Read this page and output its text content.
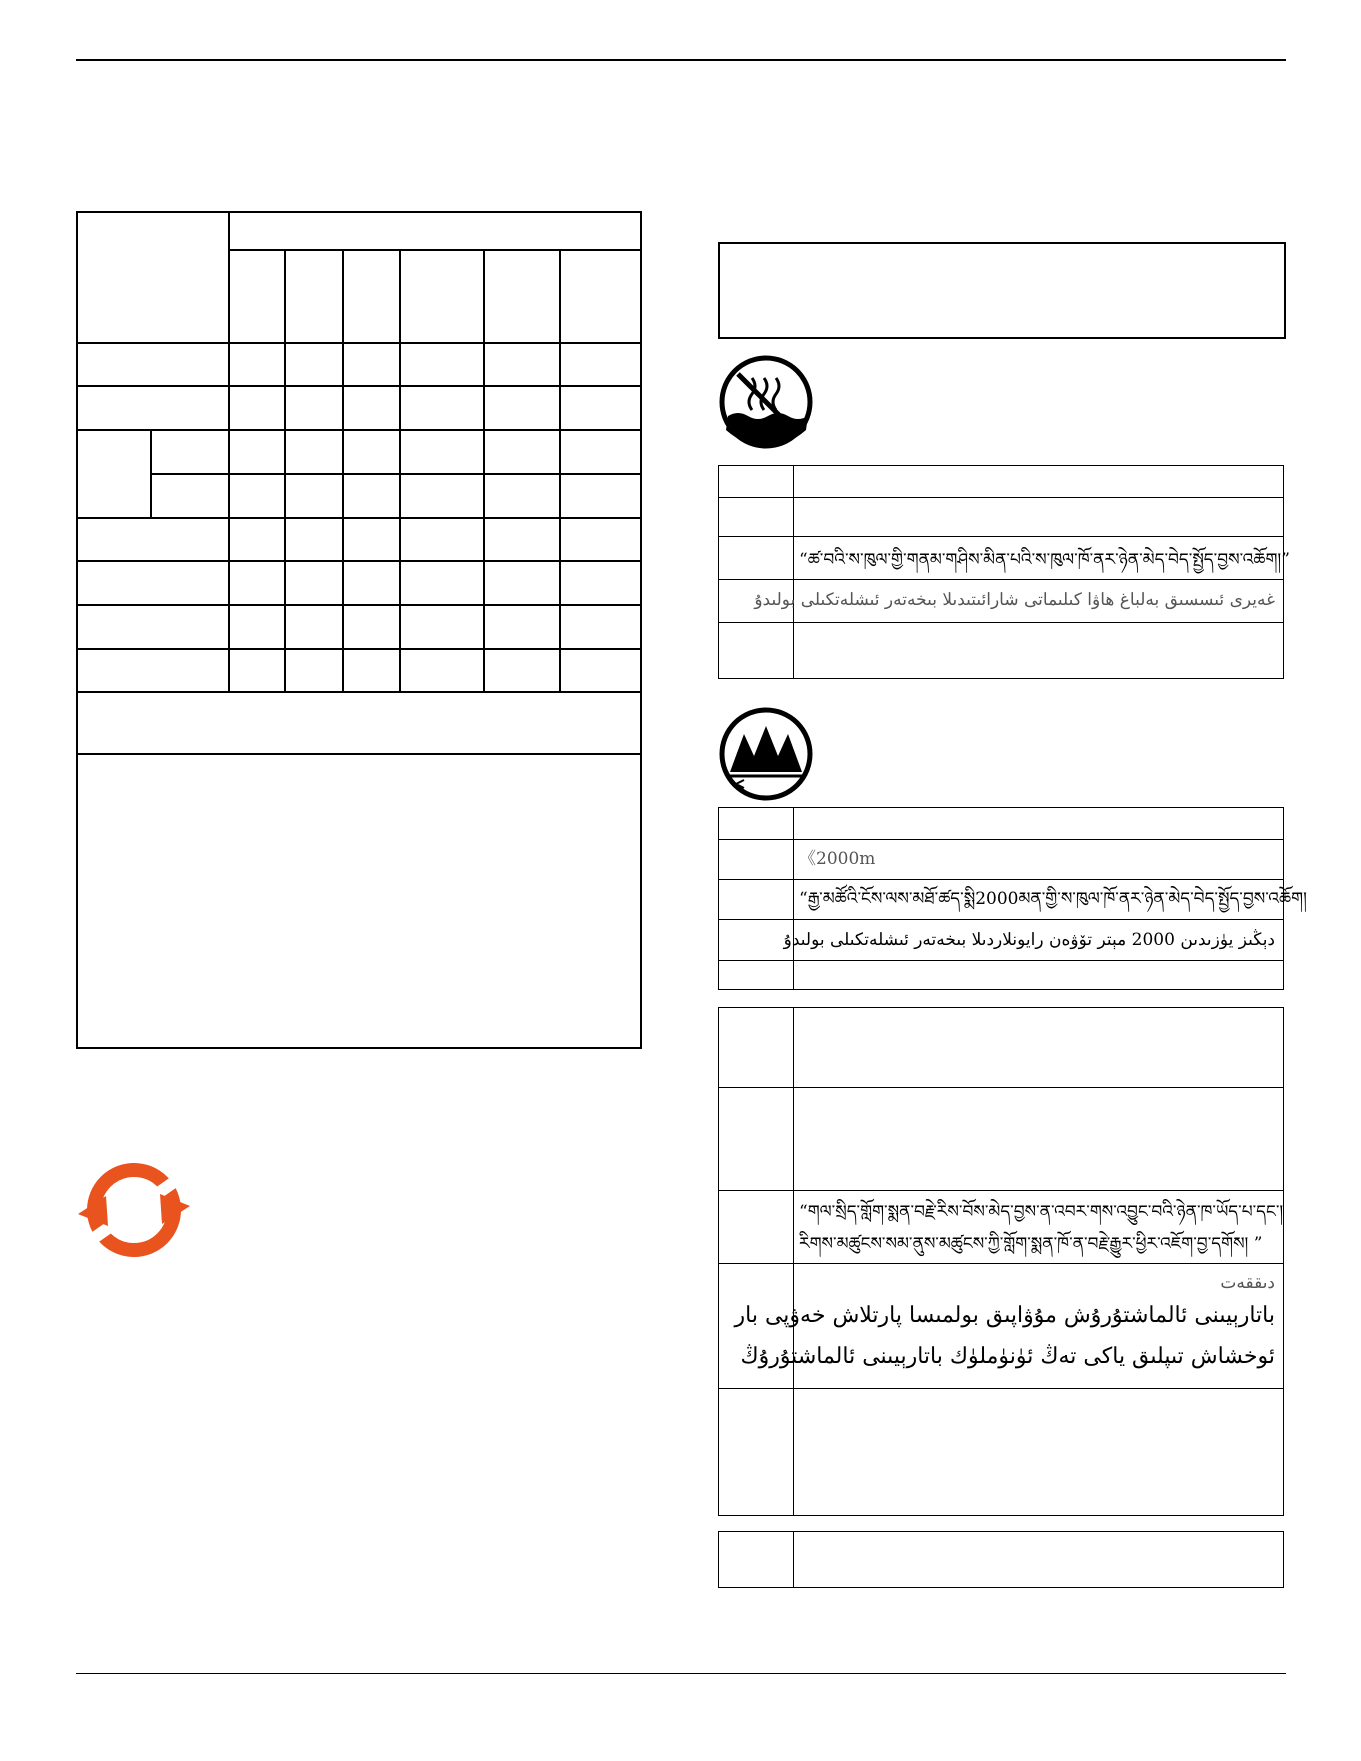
“ཚ་བའི་ས་ཁུལ་གྱི་གནམ་གཤིས་མིན་པའི་ས་ཁུལ་ཁོ་ནར་ཉེན་མེད་བེད་སྤྱོད་བྱས་འཆོག།”
غەيرى ئىسسىق بەلباغ ھاۋا كىلىماتى شارائىتىدىلا بىخەتەر ئىشلەتكىلى بولىدۇ
《2000m
“རྒྱ་མཚོའི་ངོས་ལས་མཐོ་ཚད་སྨི2000མན་གྱི་ས་ཁུལ་ཁོ་ནར་ཉེན་མེད་བེད་སྤྱོད་བྱས་འཆོག།
دېڭىز يۈزىدىن 2000 مېتر تۆۋەن رايونلاردىلا بىخەتەر ئىشلەتكىلى بولىدۇ
“གལ་སྲིད་གློག་སྨན་བརྗེ་རིས་བོས་མེད་བྱས་ན་འབར་གས་འབྱུང་བའི་ཉེན་ཁ་ཡོད་པ་དང་།
རིགས་མཚུངས་སམ་ནུས་མཚུངས་ཀྱི་གློག་སྨན་ཁོ་ན་བརྗེ་རྒྱུར་ཕྱིར་འཇོག་བྱ་དགོས། ”
دىققەت
باتارېيىنى ئالماشتۇرۇش مۇۋاپىق بولمىسا پارتلاش خەۋپى بار
ئوخشاش تىپلىق ياكى تەڭ ئۈنۈملۈك باتارېيىنى ئالماشتۇرۇڭ
